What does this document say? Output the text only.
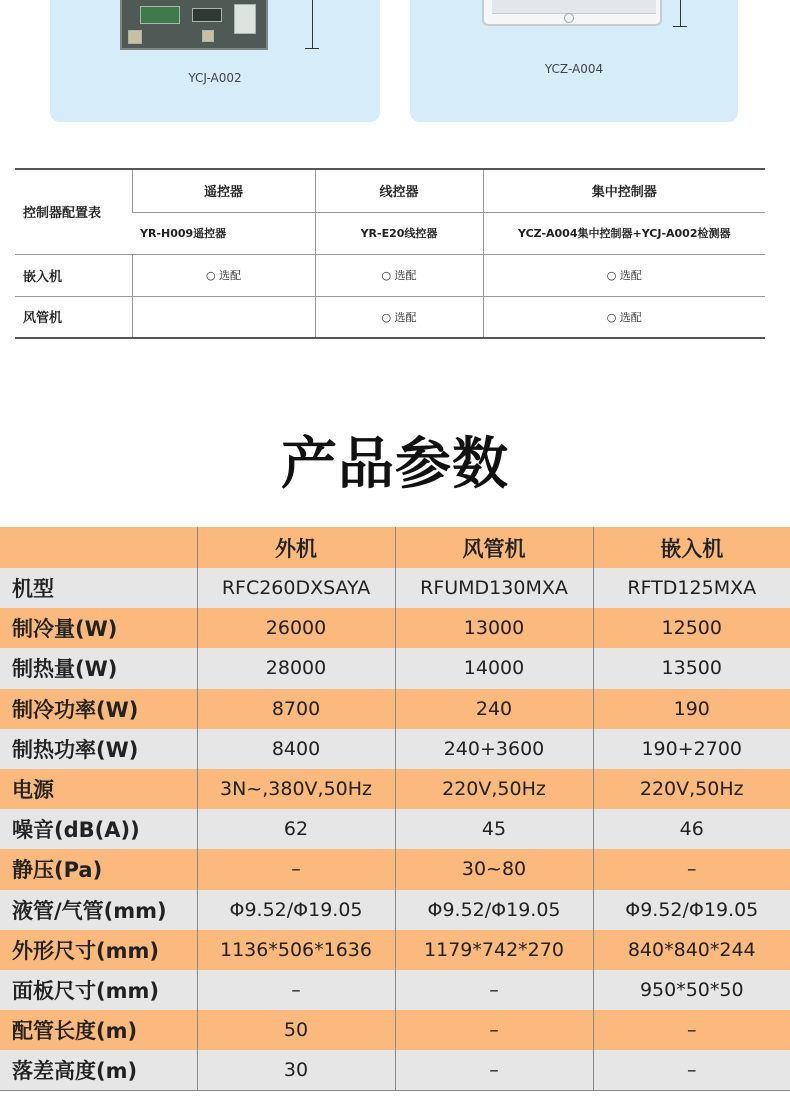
YCJ-A002
YCZ-A004
控制器配置表	遥控器	线控器	集中控制器
	YR-H009遥控器	YR-E20线控器	YCZ-A004集中控制器+YCJ-A002检测器
嵌入机	○ 选配	○ 选配	○ 选配
风管机		○ 选配	○ 选配
产品参数
	外机	风管机	嵌入机
机型	RFC260DXSAYA	RFUMD130MXA	RFTD125MXA
制冷量(W)	26000	13000	12500
制热量(W)	28000	14000	13500
制冷功率(W)	8700	240	190
制热功率(W)	8400	240+3600	190+2700
电源	3N~,380V,50Hz	220V,50Hz	220V,50Hz
噪音(dB(A))	62	45	46
静压(Pa)	–	30~80	–
液管/气管(mm)	Φ9.52/Φ19.05	Φ9.52/Φ19.05	Φ9.52/Φ19.05
外形尺寸(mm)	1136*506*1636	1179*742*270	840*840*244
面板尺寸(mm)	–	–	950*50*50
配管长度(m)	50	–	–
落差高度(m)	30	–	–
